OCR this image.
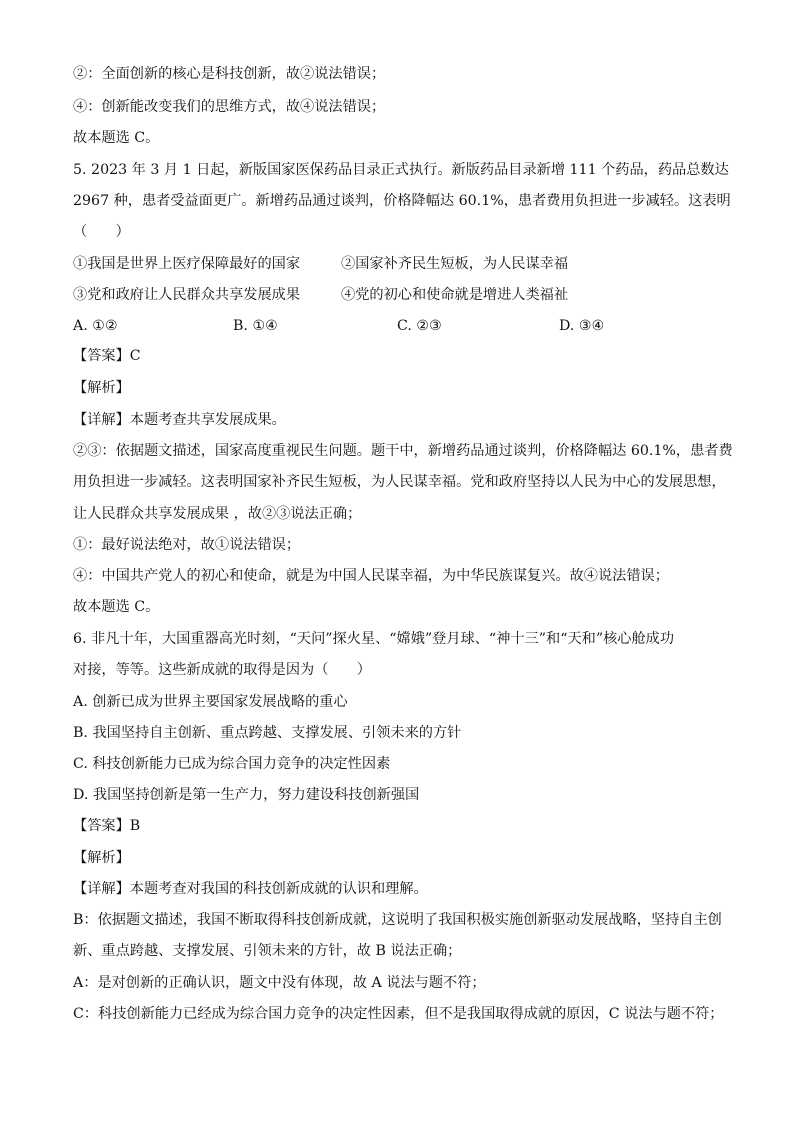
②：全面创新的核心是科技创新，故②说法错误；
④：创新能改变我们的思维方式，故④说法错误；
故本题选 C。
5. 2023 年 3 月 1 日起，新版国家医保药品目录正式执行。新版药品目录新增 111 个药品，药品总数达
2967 种，患者受益面更广。新增药品通过谈判，价格降幅达 60.1%，患者费用负担进一步减轻。这表明
（　　）
①我国是世界上医疗保障最好的国家	②国家补齐民生短板，为人民谋幸福
③党和政府让人民群众共享发展成果	④党的初心和使命就是增进人类福祉
A. ①②	B. ①④	C. ②③	D. ③④
【答案】C
【解析】
【详解】本题考查共享发展成果。
②③：依据题文描述，国家高度重视民生问题。题干中，新增药品通过谈判，价格降幅达 60.1%，患者费
用负担进一步减轻。这表明国家补齐民生短板，为人民谋幸福。党和政府坚持以人民为中心的发展思想，
让人民群众共享发展成果 ，故②③说法正确；
①：最好说法绝对，故①说法错误；
④：中国共产党人的初心和使命，就是为中国人民谋幸福，为中华民族谋复兴。故④说法错误；
故本题选 C。
6. 非凡十年，大国重器高光时刻，“天问”探火星、“嫦娥”登月球、“神十三”和“天和”核心舱成功
对接，等等。这些新成就的取得是因为（　　）
A. 创新已成为世界主要国家发展战略的重心
B. 我国坚持自主创新、重点跨越、支撑发展、引领未来的方针
C. 科技创新能力已成为综合国力竞争的决定性因素
D. 我国坚持创新是第一生产力，努力建设科技创新强国
【答案】B
【解析】
【详解】本题考查对我国的科技创新成就的认识和理解。
B：依据题文描述，我国不断取得科技创新成就，这说明了我国积极实施创新驱动发展战略，坚持自主创
新、重点跨越、支撑发展、引领未来的方针，故 B 说法正确；
A：是对创新的正确认识，题文中没有体现，故 A 说法与题不符；
C：科技创新能力已经成为综合国力竞争的决定性因素，但不是我国取得成就的原因，C 说法与题不符；
